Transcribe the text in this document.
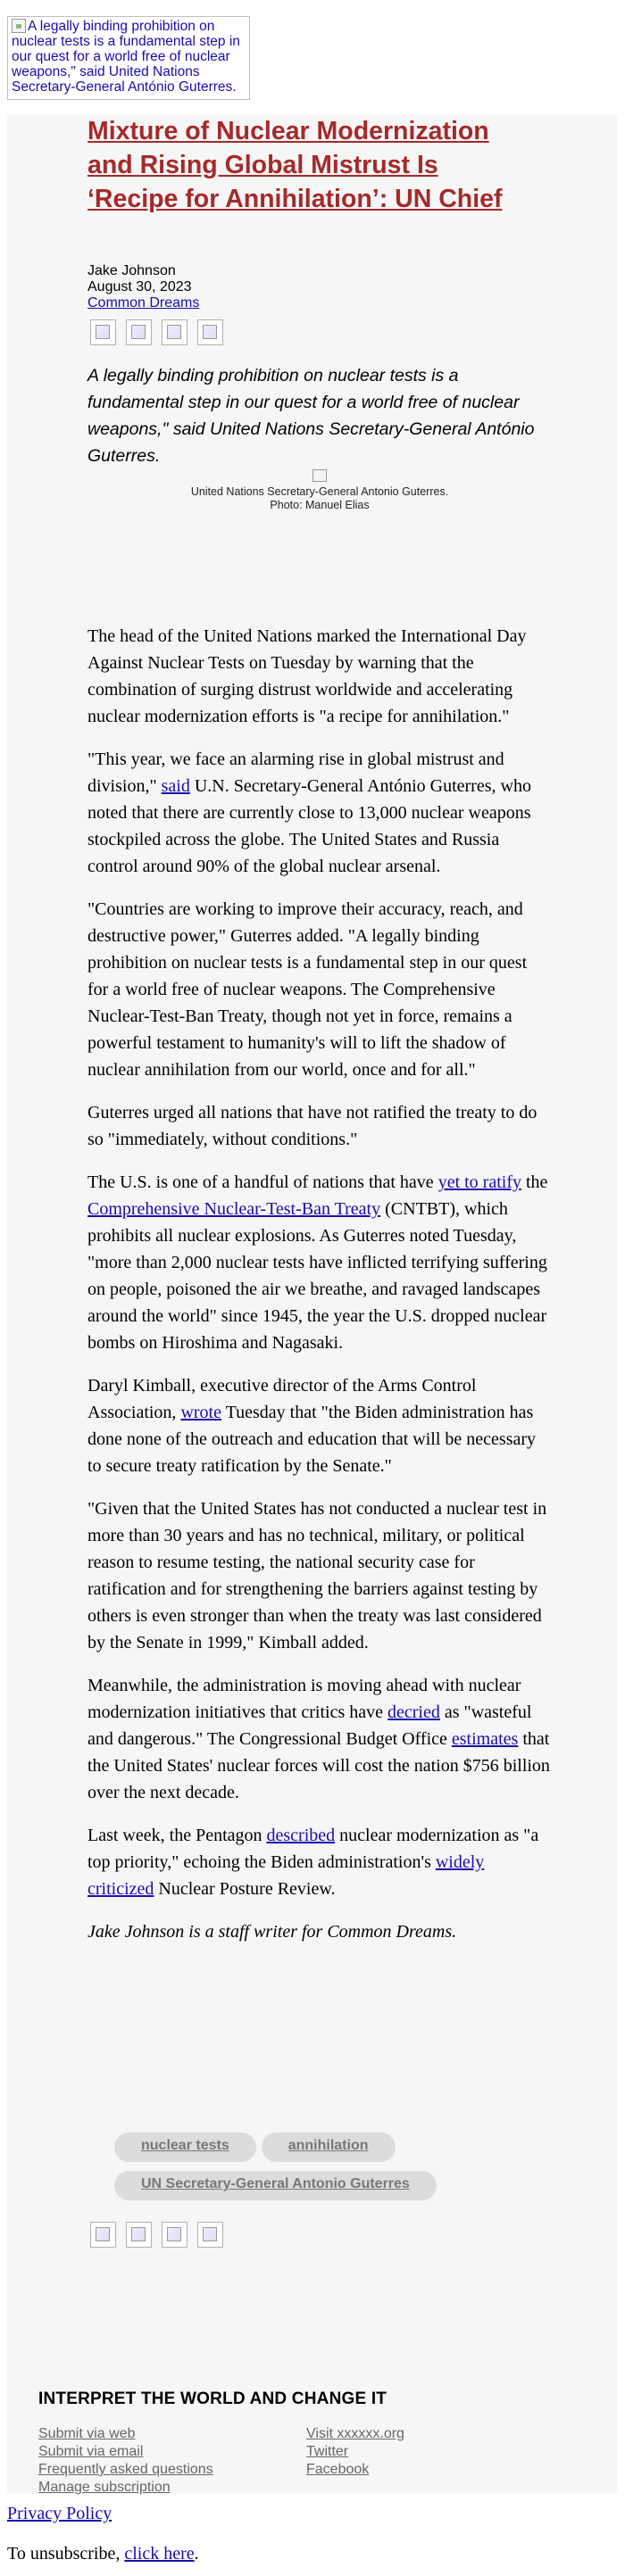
A legally binding prohibition on nuclear tests is a fundamental step in our quest for a world free of nuclear weapons," said United Nations Secretary-General António Guterres.
Mixture of Nuclear Modernization and Rising Global Mistrust Is ‘Recipe for Annihilation’: UN Chief
Jake Johnson
August 30, 2023
Common Dreams

A legally binding prohibition on nuclear tests is a fundamental step in our quest for a world free of nuclear weapons," said United Nations Secretary-General António Guterres.

United Nations Secretary-General Antonio Guterres.
Photo: Manuel Elias

The head of the United Nations marked the International Day Against Nuclear Tests on Tuesday by warning that the combination of surging distrust worldwide and accelerating nuclear modernization efforts is "a recipe for annihilation."

"This year, we face an alarming rise in global mistrust and division," said U.N. Secretary-General António Guterres, who noted that there are currently close to 13,000 nuclear weapons stockpiled across the globe. The United States and Russia control around 90% of the global nuclear arsenal.

"Countries are working to improve their accuracy, reach, and destructive power," Guterres added. "A legally binding prohibition on nuclear tests is a fundamental step in our quest for a world free of nuclear weapons. The Comprehensive Nuclear-Test-Ban Treaty, though not yet in force, remains a powerful testament to humanity's will to lift the shadow of nuclear annihilation from our world, once and for all."

Guterres urged all nations that have not ratified the treaty to do so "immediately, without conditions."

The U.S. is one of a handful of nations that have yet to ratify the Comprehensive Nuclear-Test-Ban Treaty (CNTBT), which prohibits all nuclear explosions. As Guterres noted Tuesday, "more than 2,000 nuclear tests have inflicted terrifying suffering on people, poisoned the air we breathe, and ravaged landscapes around the world" since 1945, the year the U.S. dropped nuclear bombs on Hiroshima and Nagasaki.

Daryl Kimball, executive director of the Arms Control Association, wrote Tuesday that "the Biden administration has done none of the outreach and education that will be necessary to secure treaty ratification by the Senate."

"Given that the United States has not conducted a nuclear test in more than 30 years and has no technical, military, or political reason to resume testing, the national security case for ratification and for strengthening the barriers against testing by others is even stronger than when the treaty was last considered by the Senate in 1999," Kimball added.

Meanwhile, the administration is moving ahead with nuclear modernization initiatives that critics have decried as "wasteful and dangerous." The Congressional Budget Office estimates that the United States' nuclear forces will cost the nation $756 billion over the next decade.

Last week, the Pentagon described nuclear modernization as "a top priority," echoing the Biden administration's widely criticized Nuclear Posture Review.

Jake Johnson is a staff writer for Common Dreams.

nuclear tests	annihilation
UN Secretary-General Antonio Guterres
INTERPRET THE WORLD AND CHANGE IT
Submit via web
Submit via email
Frequently asked questions
Manage subscription
Visit xxxxxx.org
Twitter
Facebook
Privacy Policy
To unsubscribe, click here.
